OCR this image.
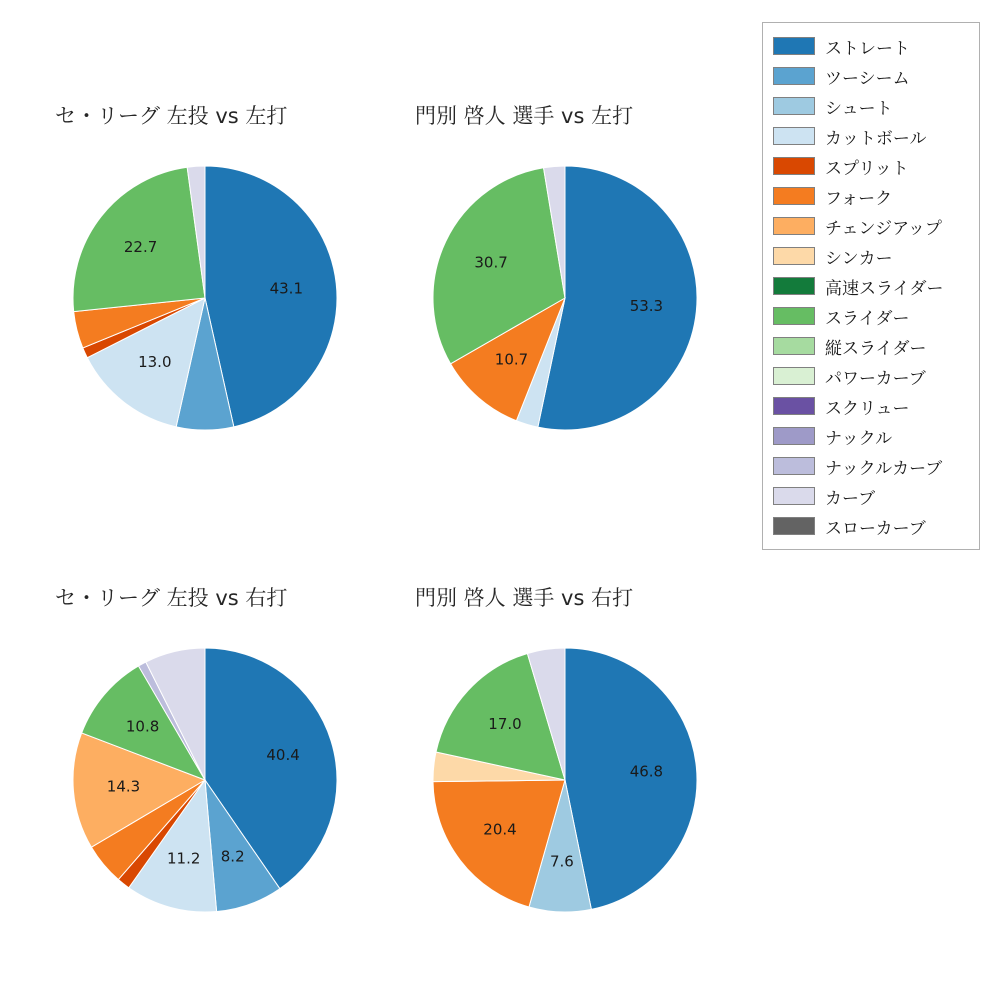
セ・リーグ 左投 vs 左打
43.1
13.0
22.7
門別 啓人 選手 vs 左打
53.3
10.7
30.7
セ・リーグ 左投 vs 右打
40.4
8.2
11.2
14.3
10.8
門別 啓人 選手 vs 右打
46.8
7.6
20.4
17.0
ストレート
ツーシーム
シュート
カットボール
スプリット
フォーク
チェンジアップ
シンカー
高速スライダー
スライダー
縦スライダー
パワーカーブ
スクリュー
ナックル
ナックルカーブ
カーブ
スローカーブ
